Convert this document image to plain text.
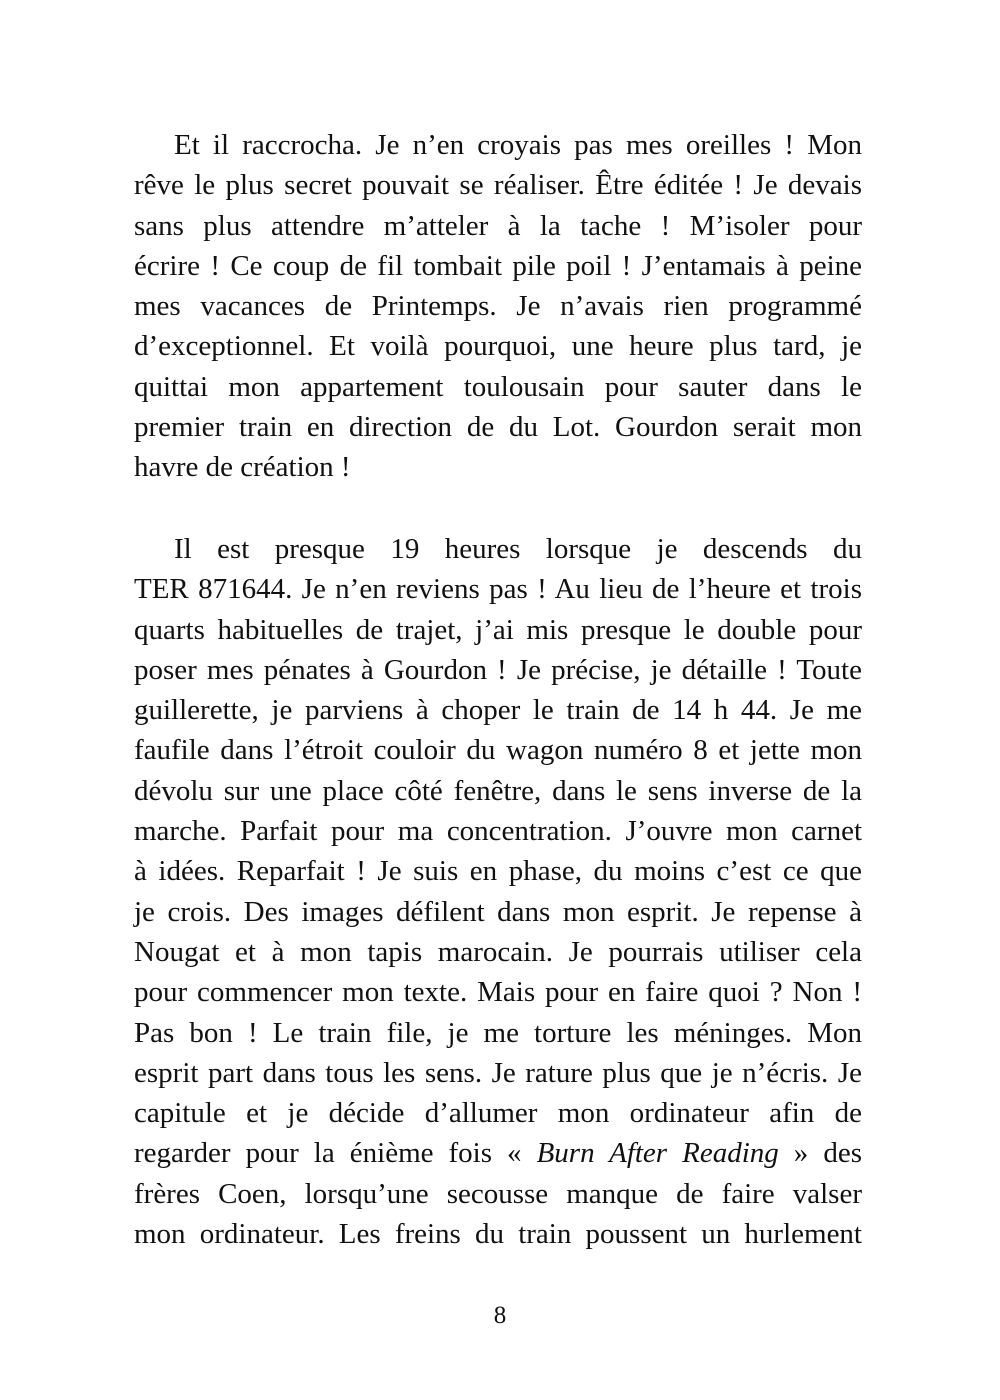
Et il raccrocha. Je n’en croyais pas mes oreilles ! Mon
rêve le plus secret pouvait se réaliser. Être éditée ! Je devais
sans plus attendre m’atteler à la tache ! M’isoler pour
écrire ! Ce coup de fil tombait pile poil ! J’entamais à peine
mes vacances de Printemps. Je n’avais rien programmé
d’exceptionnel. Et voilà pourquoi, une heure plus tard, je
quittai mon appartement toulousain pour sauter dans le
premier train en direction de du Lot. Gourdon serait mon
havre de création !
Il est presque 19 heures lorsque je descends du
TER 871644. Je n’en reviens pas ! Au lieu de l’heure et trois
quarts habituelles de trajet, j’ai mis presque le double pour
poser mes pénates à Gourdon ! Je précise, je détaille ! Toute
guillerette, je parviens à choper le train de 14 h 44. Je me
faufile dans l’étroit couloir du wagon numéro 8 et jette mon
dévolu sur une place côté fenêtre, dans le sens inverse de la
marche. Parfait pour ma concentration. J’ouvre mon carnet
à idées. Reparfait ! Je suis en phase, du moins c’est ce que
je crois. Des images défilent dans mon esprit. Je repense à
Nougat et à mon tapis marocain. Je pourrais utiliser cela
pour commencer mon texte. Mais pour en faire quoi ? Non !
Pas bon ! Le train file, je me torture les méninges. Mon
esprit part dans tous les sens. Je rature plus que je n’écris. Je
capitule et je décide d’allumer mon ordinateur afin de
regarder pour la énième fois « Burn After Reading » des
frères Coen, lorsqu’une secousse manque de faire valser
mon ordinateur. Les freins du train poussent un hurlement
8
